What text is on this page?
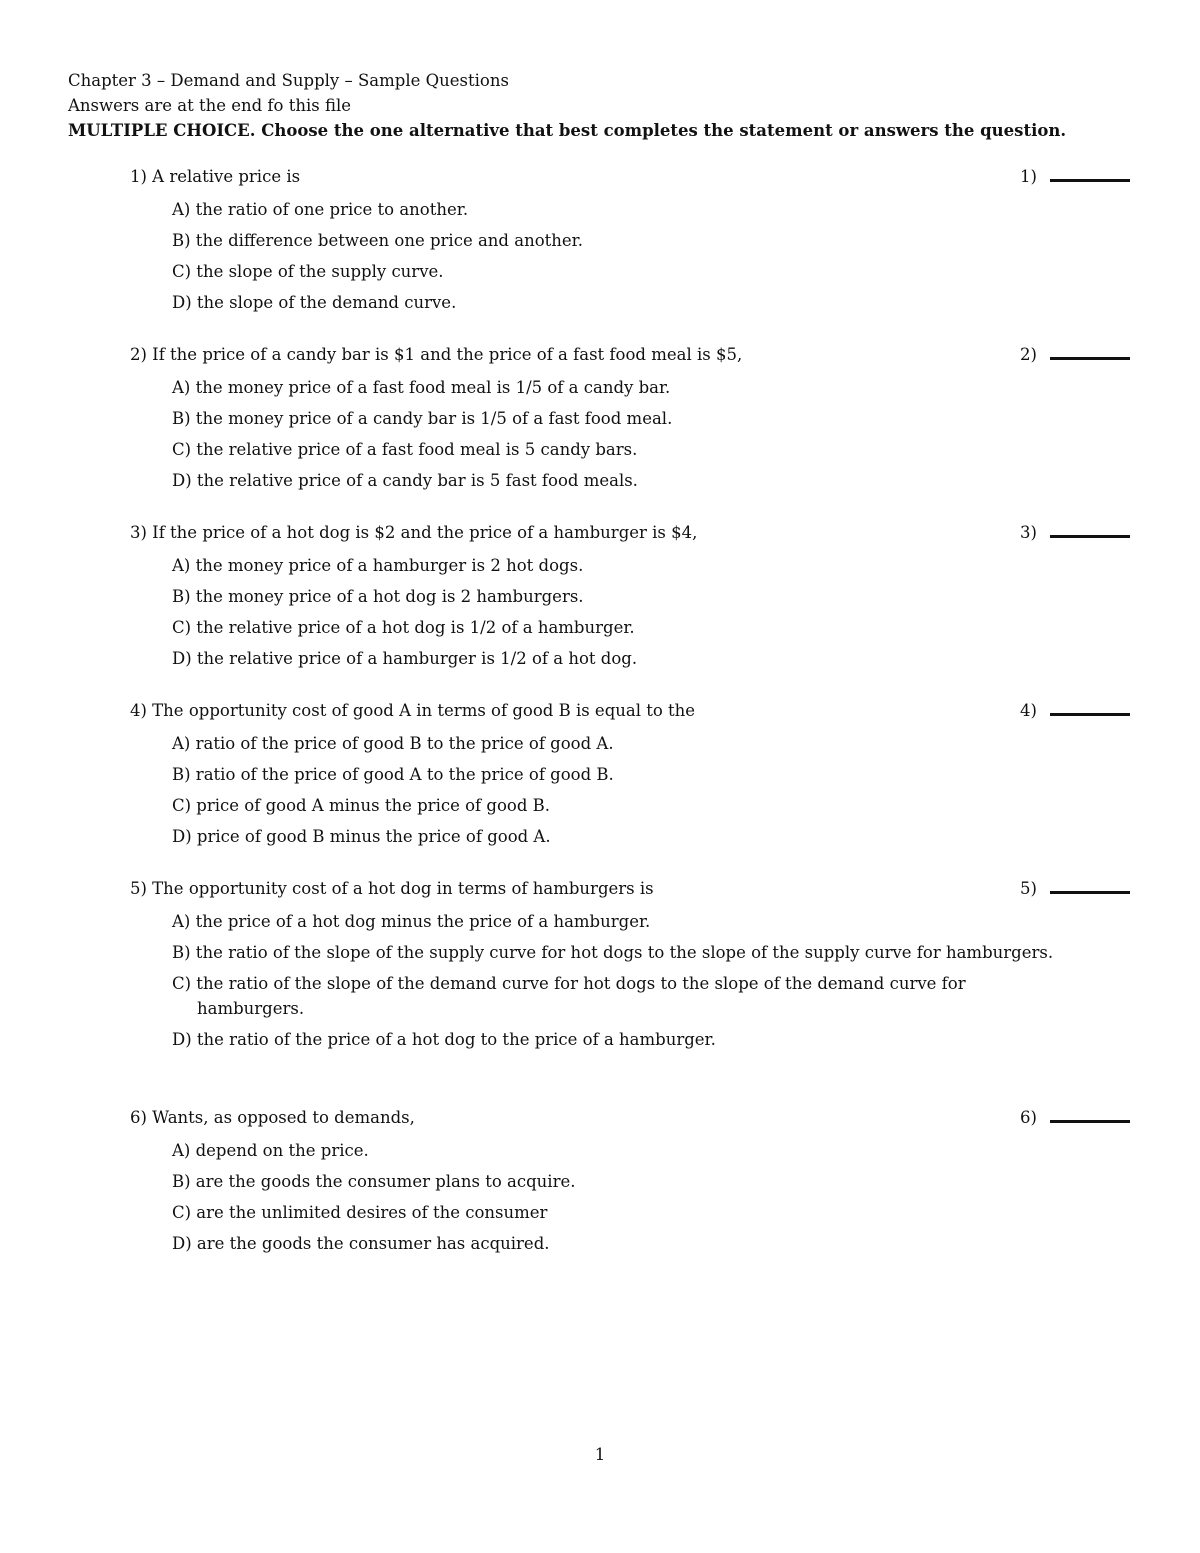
Chapter 3 – Demand and Supply – Sample Questions
Answers are at the end fo this file
MULTIPLE CHOICE. Choose the one alternative that best completes the statement or answers the question.
1) A relative price is	1)
A) the ratio of one price to another.
B) the difference between one price and another.
C) the slope of the supply curve.
D) the slope of the demand curve.
2) If the price of a candy bar is $1 and the price of a fast food meal is $5,	2)
A) the money price of a fast food meal is 1/5 of a candy bar.
B) the money price of a candy bar is 1/5 of a fast food meal.
C) the relative price of a fast food meal is 5 candy bars.
D) the relative price of a candy bar is 5 fast food meals.
3) If the price of a hot dog is $2 and the price of a hamburger is $4,	3)
A) the money price of a hamburger is 2 hot dogs.
B) the money price of a hot dog is 2 hamburgers.
C) the relative price of a hot dog is 1/2 of a hamburger.
D) the relative price of a hamburger is 1/2 of a hot dog.
4) The opportunity cost of good A in terms of good B is equal to the	4)
A) ratio of the price of good B to the price of good A.
B) ratio of the price of good A to the price of good B.
C) price of good A minus the price of good B.
D) price of good B minus the price of good A.
5) The opportunity cost of a hot dog in terms of hamburgers is	5)
A) the price of a hot dog minus the price of a hamburger.
B) the ratio of the slope of the supply curve for hot dogs to the slope of the supply curve for hamburgers.
C) the ratio of the slope of the demand curve for hot dogs to the slope of the demand curve for hamburgers.
D) the ratio of the price of a hot dog to the price of a hamburger.
6) Wants, as opposed to demands,	6)
A) depend on the price.
B) are the goods the consumer plans to acquire.
C) are the unlimited desires of the consumer
D) are the goods the consumer has acquired.
1
